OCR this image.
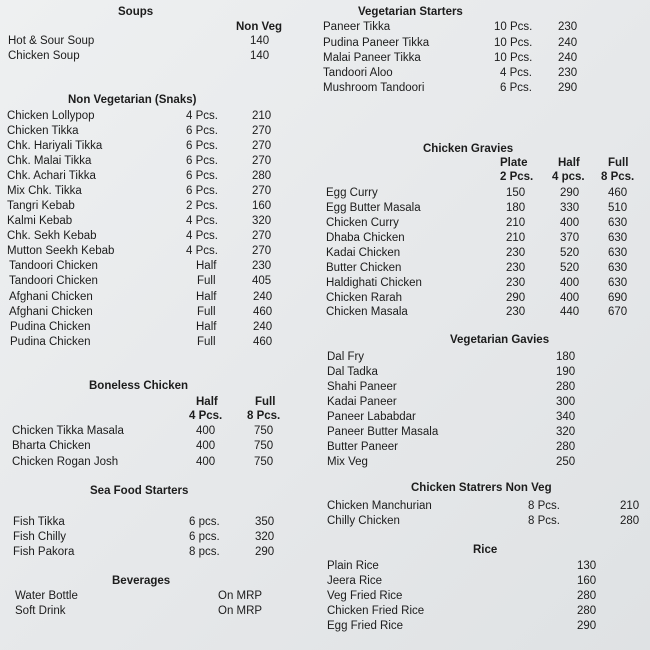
Soups
Non Veg
Hot & Sour Soup	140
Chicken Soup	140
Non Vegetarian (Snaks)
Chicken Lollypop	4 Pcs.	210
Chicken Tikka	6 Pcs.	270
Chk. Hariyali Tikka	6 Pcs.	270
Chk. Malai Tikka	6 Pcs.	270
Chk. Achari Tikka	6 Pcs.	280
Mix Chk. Tikka	6 Pcs.	270
Tangri Kebab	2 Pcs.	160
Kalmi Kebab	4 Pcs.	320
Chk. Sekh Kebab	4 Pcs.	270
Mutton Seekh Kebab	4 Pcs.	270
Tandoori Chicken	Half	230
Tandoori Chicken	Full	405
Afghani Chicken	Half	240
Afghani Chicken	Full	460
Pudina Chicken	Half	240
Pudina Chicken	Full	460
Boneless Chicken
Half	Full
4 Pcs. 8 Pcs.
Chicken Tikka Masala	400	750
Bharta Chicken	400	750
Chicken Rogan Josh	400	750
Sea Food Starters
Fish Tikka	6 pcs.	350
Fish Chilly	6 pcs.	320
Fish Pakora	8 pcs.	290
Beverages
Water Bottle	On MRP
Soft Drink	On MRP
Vegetarian Starters
Paneer Tikka	10 Pcs. 230
Pudina Paneer Tikka	10 Pcs. 240
Malai Paneer Tikka	10 Pcs. 240
Tandoori Aloo	4 Pcs. 230
Mushroom Tandoori	6 Pcs. 290
Chicken Gravies
Plate	Half Full
2 Pcs. 4 pcs. 8 Pcs.
Egg Curry	150	290	460
Egg Butter Masala	180	330	510
Chicken Curry	210	400	630
Dhaba Chicken	210	370	630
Kadai Chicken	230	520	630
Butter Chicken	230	520	630
Haldighati Chicken	230	400	630
Chicken Rarah	290	400	690
Chicken Masala	230	440	670
Vegetarian Gavies
Dal Fry	180
Dal Tadka	190
Shahi Paneer	280
Kadai Paneer	300
Paneer Lababdar	340
Paneer Butter Masala	320
Butter Paneer	280
Mix Veg	250
Chicken Statrers Non Veg
Chicken Manchurian	8 Pcs.	210
Chilly Chicken	8 Pcs.	280
Rice
Plain Rice	130
Jeera Rice	160
Veg Fried Rice	280
Chicken Fried Rice	280
Egg Fried Rice	290
